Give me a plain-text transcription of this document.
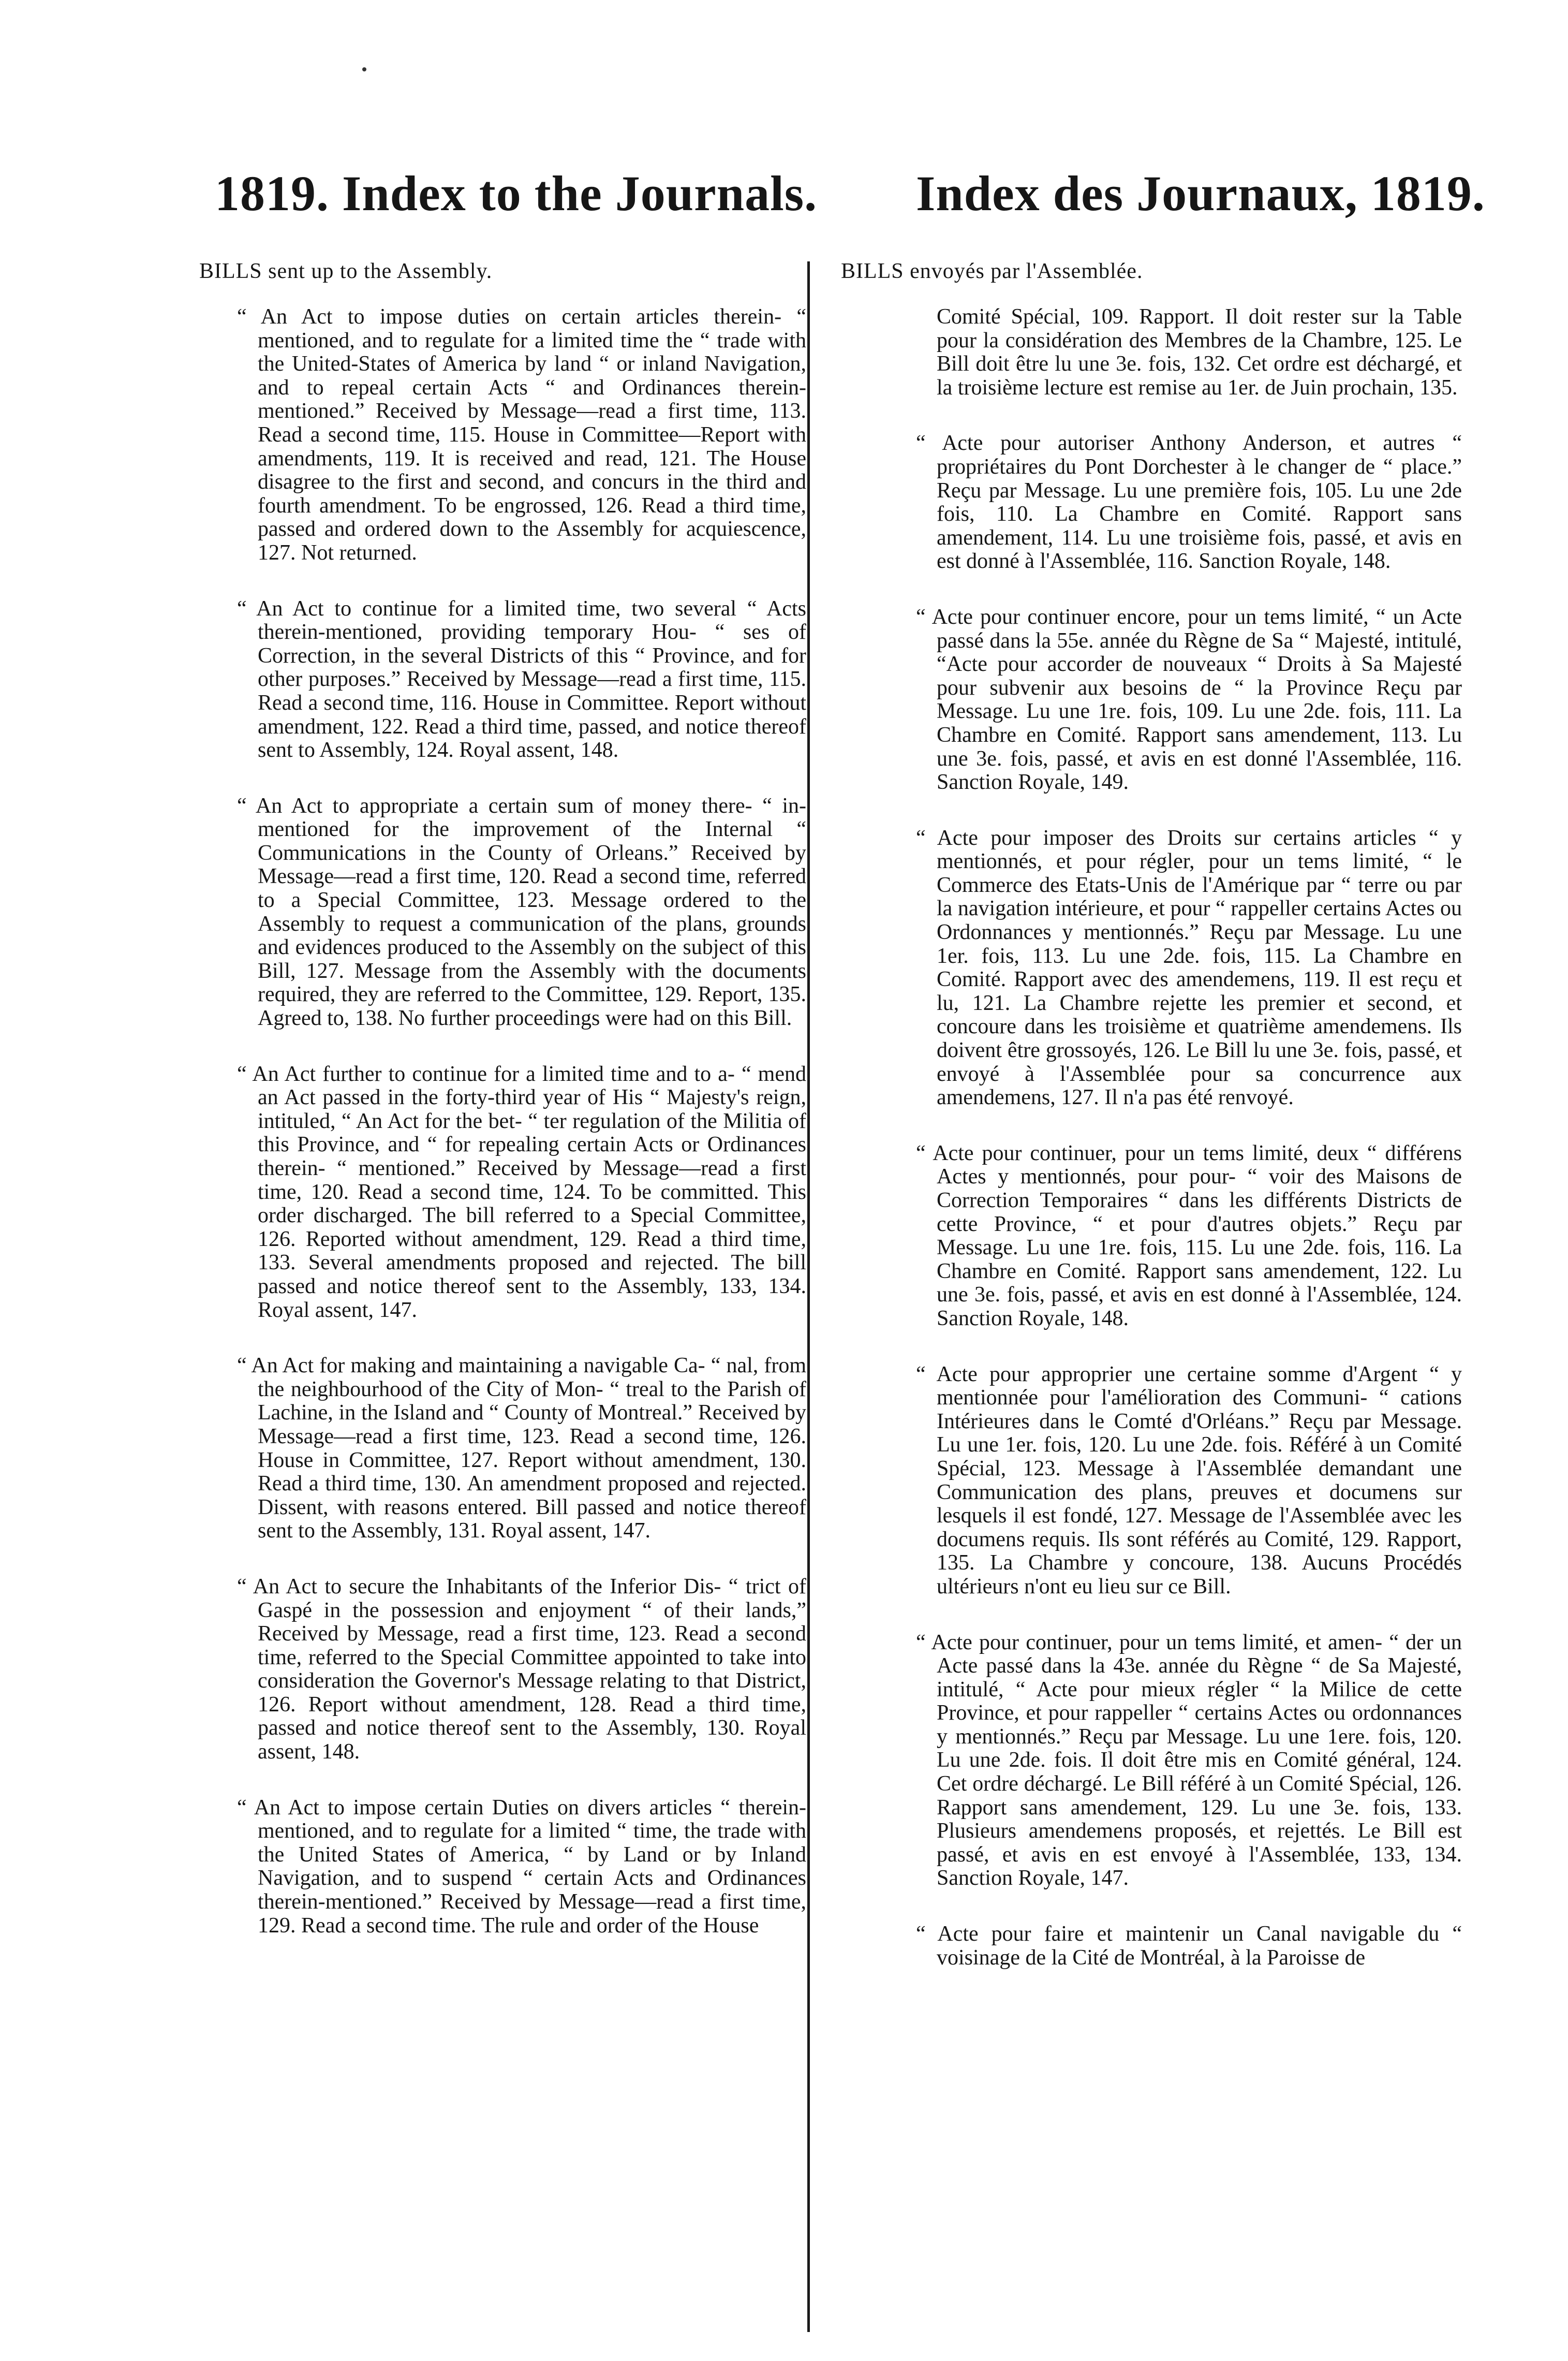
1819. Index to the Journals. Index des Journaux, 1819.
BILLS sent up to the Assembly.	BILLS envoyés par l'Assemblée.

“ An Act to impose duties on certain articles therein- “ mentioned, and to regulate for a limited time the “ trade with the United-States of America by land “ or inland Navigation, and to repeal certain Acts “ and Ordinances therein-mentioned.” Received by Message—read a first time, 113. Read a second time, 115. House in Committee—Report with amendments, 119. It is received and read, 121. The House disagree to the first and second, and concurs in the third and fourth amendment. To be engrossed, 126. Read a third time, passed and ordered down to the Assembly for acquiescence, 127. Not returned.

“ An Act to continue for a limited time, two several “ Acts therein-mentioned, providing temporary Hou- “ ses of Correction, in the several Districts of this “ Province, and for other purposes.” Received by Message—read a first time, 115. Read a second time, 116. House in Committee. Report without amendment, 122. Read a third time, passed, and notice thereof sent to Assembly, 124. Royal assent, 148.

“ An Act to appropriate a certain sum of money there- “ in-mentioned for the improvement of the Internal “ Communications in the County of Orleans.” Received by Message—read a first time, 120. Read a second time, referred to a Special Committee, 123. Message ordered to the Assembly to request a communication of the plans, grounds and evidences produced to the Assembly on the subject of this Bill, 127. Message from the Assembly with the documents required, they are referred to the Committee, 129. Report, 135. Agreed to, 138. No further proceedings were had on this Bill.

“ An Act further to continue for a limited time and to a- “ mend an Act passed in the forty-third year of His “ Majesty's reign, intituled, “ An Act for the bet- “ ter regulation of the Militia of this Province, and “ for repealing certain Acts or Ordinances therein- “ mentioned.” Received by Message—read a first time, 120. Read a second time, 124. To be committed. This order discharged. The bill referred to a Special Committee, 126. Reported without amendment, 129. Read a third time, 133. Several amendments proposed and rejected. The bill passed and notice thereof sent to the Assembly, 133, 134. Royal assent, 147.

“ An Act for making and maintaining a navigable Ca- “ nal, from the neighbourhood of the City of Mon- “ treal to the Parish of Lachine, in the Island and “ County of Montreal.” Received by Message—read a first time, 123. Read a second time, 126. House in Committee, 127. Report without amendment, 130. Read a third time, 130. An amendment proposed and rejected. Dissent, with reasons entered. Bill passed and notice thereof sent to the Assembly, 131. Royal assent, 147.

“ An Act to secure the Inhabitants of the Inferior Dis- “ trict of Gaspé in the possession and enjoyment “ of their lands,” Received by Message, read a first time, 123. Read a second time, referred to the Special Committee appointed to take into consideration the Governor's Message relating to that District, 126. Report without amendment, 128. Read a third time, passed and notice thereof sent to the Assembly, 130. Royal assent, 148.

“ An Act to impose certain Duties on divers articles “ therein-mentioned, and to regulate for a limited “ time, the trade with the United States of America, “ by Land or by Inland Navigation, and to suspend “ certain Acts and Ordinances therein-mentioned.” Received by Message—read a first time, 129. Read a second time. The rule and order of the House

Comité Spécial, 109. Rapport. Il doit rester sur la Table pour la considération des Membres de la Chambre, 125. Le Bill doit être lu une 3e. fois, 132. Cet ordre est déchargé, et la troisième lecture est remise au 1er. de Juin prochain, 135.

“ Acte pour autoriser Anthony Anderson, et autres “ propriétaires du Pont Dorchester à le changer de “ place.” Reçu par Message. Lu une première fois, 105. Lu une 2de fois, 110. La Chambre en Comité. Rapport sans amendement, 114. Lu une troisième fois, passé, et avis en est donné à l'Assemblée, 116. Sanction Royale, 148.

“ Acte pour continuer encore, pour un tems limité, “ un Acte passé dans la 55e. année du Règne de Sa “ Majesté, intitulé, “Acte pour accorder de nouveaux “ Droits à Sa Majesté pour subvenir aux besoins de “ la Province Reçu par Message. Lu une 1re. fois, 109. Lu une 2de. fois, 111. La Chambre en Comité. Rapport sans amendement, 113. Lu une 3e. fois, passé, et avis en est donné l'Assemblée, 116. Sanction Royale, 149.

“ Acte pour imposer des Droits sur certains articles “ y mentionnés, et pour régler, pour un tems limité, “ le Commerce des Etats-Unis de l'Amérique par “ terre ou par la navigation intérieure, et pour “ rappeller certains Actes ou Ordonnances y mentionnés.” Reçu par Message. Lu une 1er. fois, 113. Lu une 2de. fois, 115. La Chambre en Comité. Rapport avec des amendemens, 119. Il est reçu et lu, 121. La Chambre rejette les premier et second, et concoure dans les troisième et quatrième amendemens. Ils doivent être grossoyés, 126. Le Bill lu une 3e. fois, passé, et envoyé à l'Assemblée pour sa concurrence aux amendemens, 127. Il n'a pas été renvoyé.

“ Acte pour continuer, pour un tems limité, deux “ différens Actes y mentionnés, pour pour- “ voir des Maisons de Correction Temporaires “ dans les différents Districts de cette Province, “ et pour d'autres objets.” Reçu par Message. Lu une 1re. fois, 115. Lu une 2de. fois, 116. La Chambre en Comité. Rapport sans amendement, 122. Lu une 3e. fois, passé, et avis en est donné à l'Assemblée, 124. Sanction Royale, 148.

“ Acte pour approprier une certaine somme d'Argent “ y mentionnée pour l'amélioration des Communi- “ cations Intérieures dans le Comté d'Orléans.” Reçu par Message. Lu une 1er. fois, 120. Lu une 2de. fois. Référé à un Comité Spécial, 123. Message à l'Assemblée demandant une Communication des plans, preuves et documens sur lesquels il est fondé, 127. Message de l'Assemblée avec les documens requis. Ils sont référés au Comité, 129. Rapport, 135. La Chambre y concoure, 138. Aucuns Procédés ultérieurs n'ont eu lieu sur ce Bill.

“ Acte pour continuer, pour un tems limité, et amen- “ der un Acte passé dans la 43e. année du Règne “ de Sa Majesté, intitulé, “ Acte pour mieux régler “ la Milice de cette Province, et pour rappeller “ certains Actes ou ordonnances y mentionnés.” Reçu par Message. Lu une 1ere. fois, 120. Lu une 2de. fois. Il doit être mis en Comité général, 124. Cet ordre déchargé. Le Bill référé à un Comité Spécial, 126. Rapport sans amendement, 129. Lu une 3e. fois, 133. Plusieurs amendemens proposés, et rejettés. Le Bill est passé, et avis en est envoyé à l'Assemblée, 133, 134. Sanction Royale, 147.

“ Acte pour faire et maintenir un Canal navigable du “ voisinage de la Cité de Montréal, à la Paroisse de
